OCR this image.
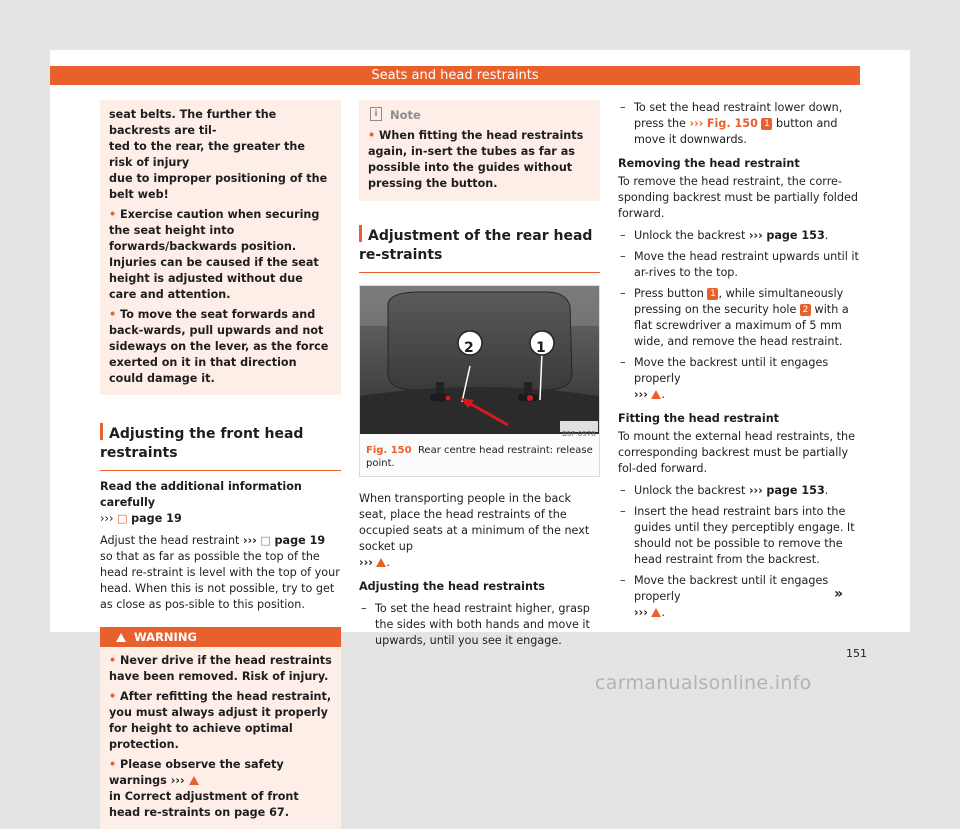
Seats and head restraints
seat belts. The further the backrests are til-
ted to the rear, the greater the risk of injury
due to improper positioning of the belt web!
• Exercise caution when securing the seat height into forwards/backwards position. Injuries can be caused if the seat height is adjusted without due care and attention.
• To move the seat forwards and back-wards, pull upwards and not sideways on the lever, as the force exerted on it in that direction could damage it.
Adjusting the front head restraints

Read the additional information carefully
››› □ page 19

Adjust the head restraint ››› □ page 19 so that as far as possible the top of the head re-straint is level with the top of your head. When this is not possible, try to get as close as pos-sible to this position.

WARNING
• Never drive if the head restraints have been removed. Risk of injury.
• After refitting the head restraint, you must always adjust it properly for height to achieve optimal protection.
• Please observe the safety warnings ›››
in Correct adjustment of front head re-straints on page 67.
i	Note
• When fitting the head restraints again, in-sert the tubes as far as possible into the guides without pressing the button.
Adjustment of the rear head re-straints
2	1
B5F-0978
Fig. 150 Rear centre head restraint: release point.

When transporting people in the back seat, place the head restraints of the occupied seats at a minimum of the next socket up
››› .

Adjusting the head restraints

– To set the head restraint higher, grasp the sides with both hands and move it upwards, until you see it engage.
– To set the head restraint lower down, press the ››› Fig. 150 1 button and move it downwards.

Removing the head restraint

To remove the head restraint, the corre-sponding backrest must be partially folded forward.

– Unlock the backrest ››› page 153.
– Move the head restraint upwards until it ar-rives to the top.
– Press button 1 , while simultaneously pressing on the security hole 2 with a flat screwdriver a maximum of 5 mm wide, and remove the head restraint.
– Move the backrest until it engages properly
››› .

Fitting the head restraint

To mount the external head restraints, the corresponding backrest must be partially fol-ded forward.

– Unlock the backrest ››› page 153.
– Insert the head restraint bars into the guides until they perceptibly engage. It should not be possible to remove the head restraint from the backrest.
– Move the backrest until it engages properly
››› .
»
151
carmanualsonline.info
